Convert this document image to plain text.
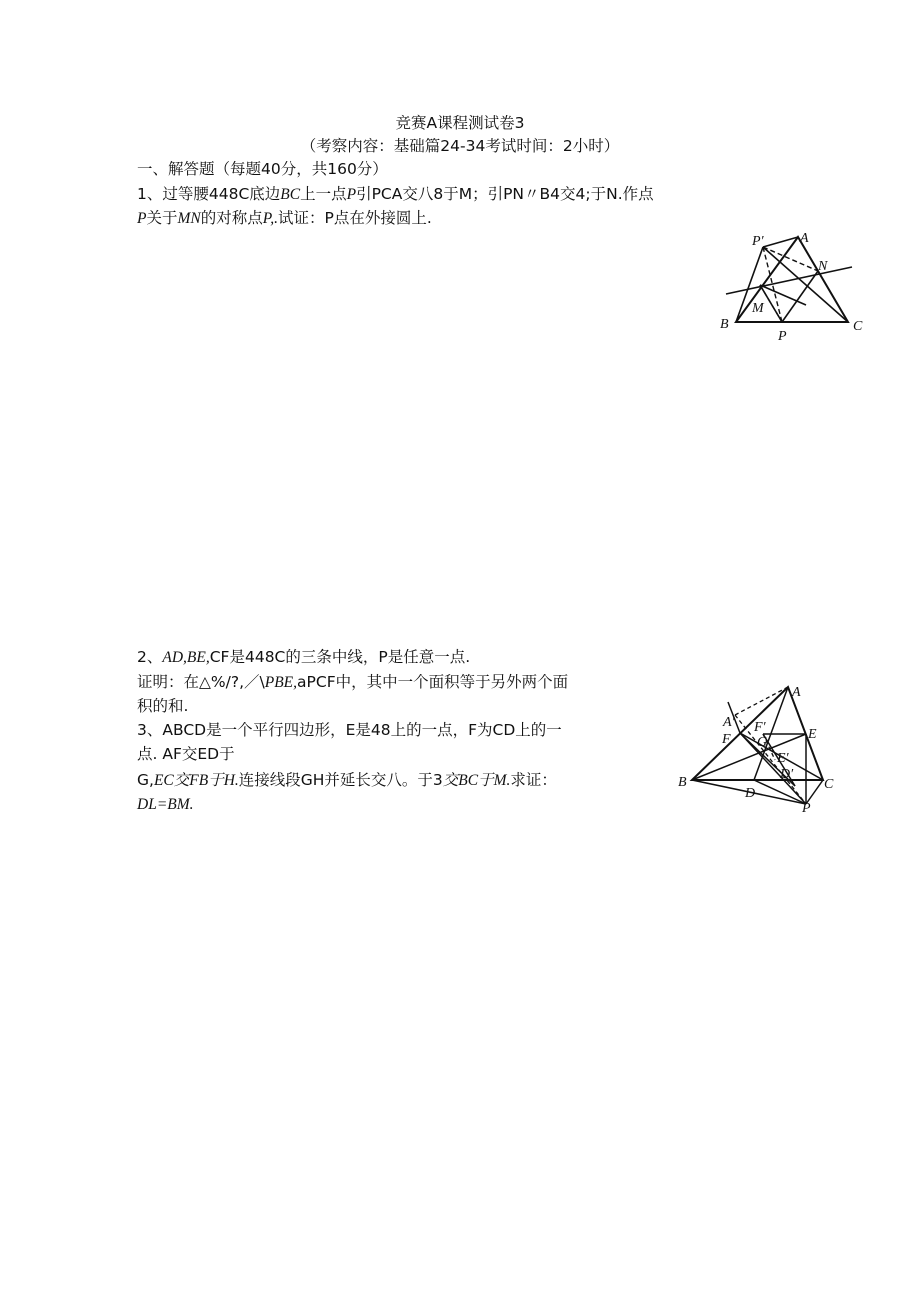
竞赛A课程测试卷3
（考察内容：基础篇24-34考试时间：2小时）
一、解答题（每题40分，共160分）
1、过等腰448C底边BC上一点P引PCA交八8于M；引PN〃B4交4;于N.作点
P关于MN的对称点P,.试证：P点在外接圆上.
P′	A
N
M
B
P
C
2、AD,BE,CF是448C的三条中线，P是任意一点.
证明：在△%/?,／\PBE,aPCF中，其中一个面积等于另外两个面
积的和.
3、ABCD是一个平行四边形，E是48上的一点，F为CD上的一
点. AF交ED于
G,EC交FB于H.连接线段GH并延长交八。于3交BC于M.求证：
DL=BM.
A
A′ F′	E
F G
E′
D′
B	C
D
P
